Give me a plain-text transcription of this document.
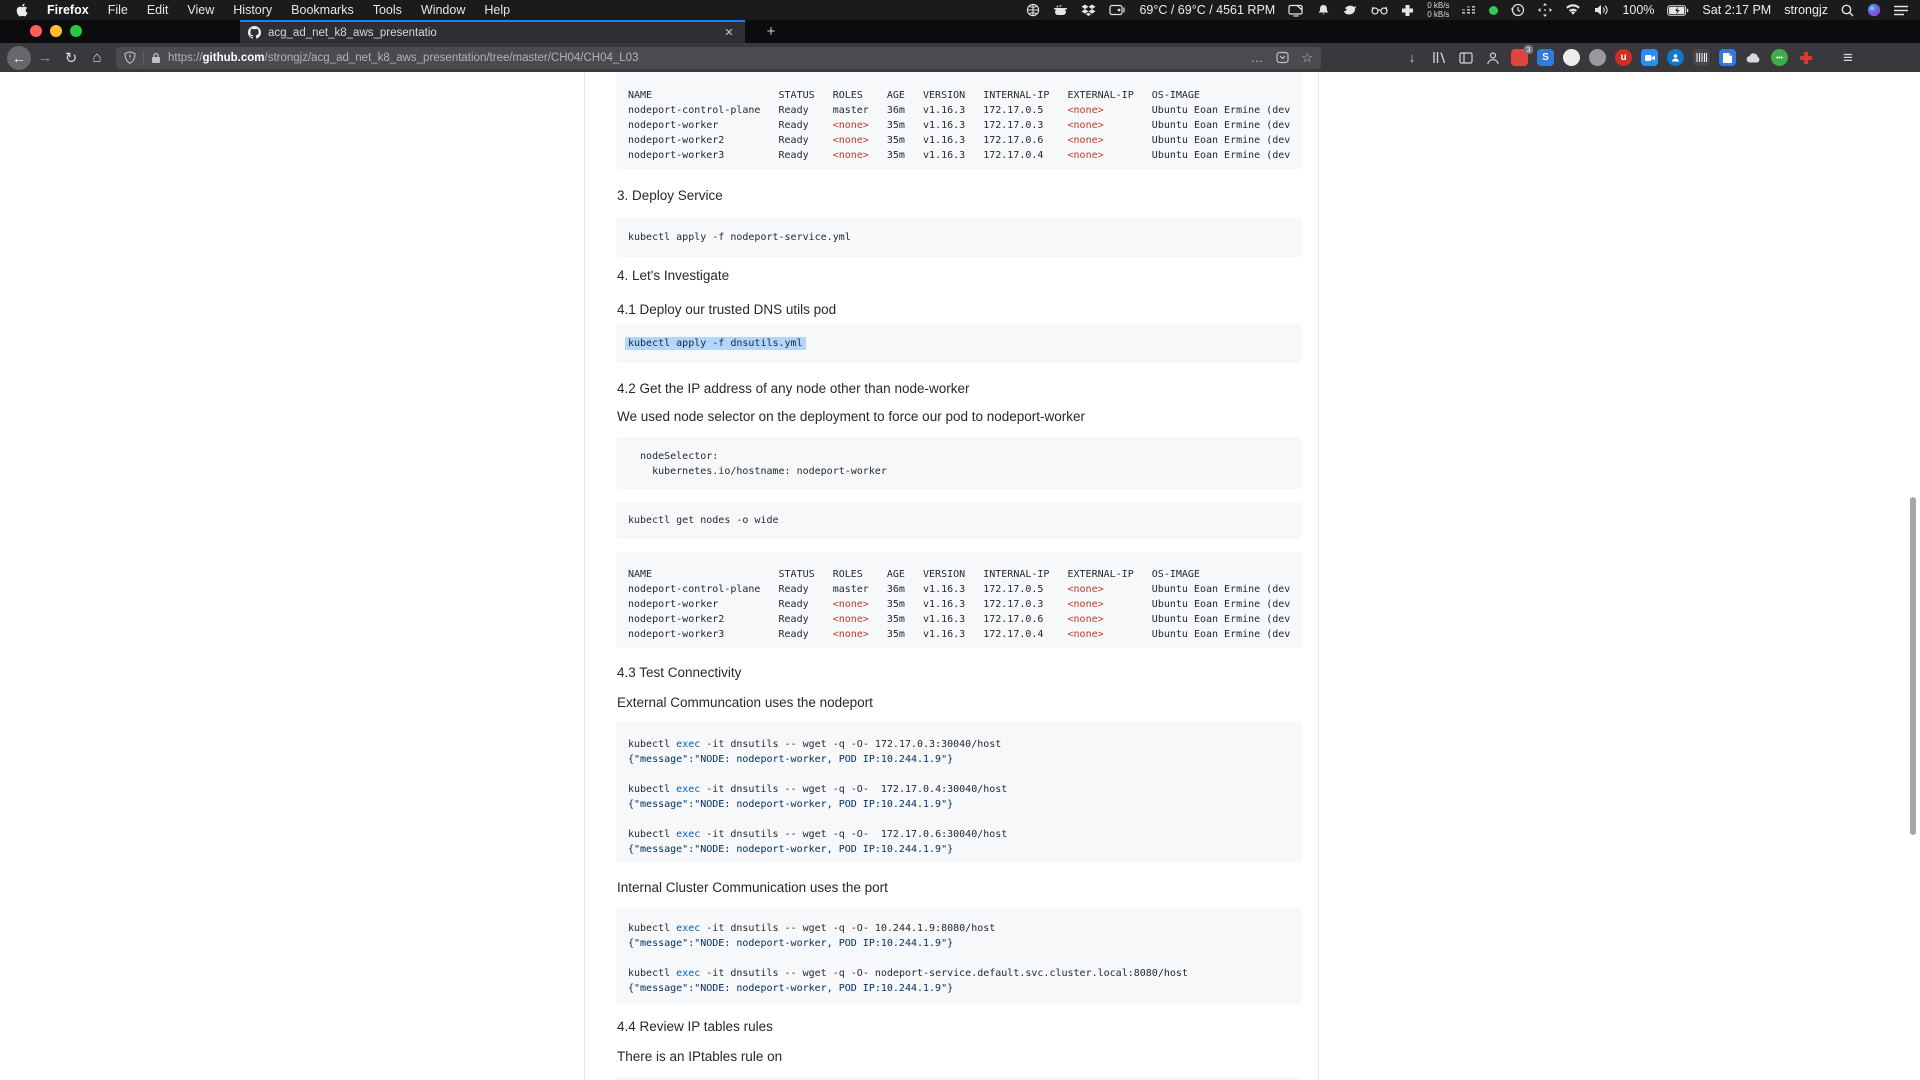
Firefox File Edit View History Bookmarks Tools Window Help	69°C / 69°C / 4561 RPM	0 kB/s
0 kB/s	100%	Sat 2:17 PM strongjz
acg_ad_net_k8_aws_presentatio	✕	+
← → ↻	⌂	https://github.com/strongjz/acg_ad_net_k8_aws_presentation/tree/master/CH04/CH04_L03	…	☆	↓
3
S	u	≡
NAME                     STATUS   ROLES    AGE   VERSION   INTERNAL-IP   EXTERNAL-IP   OS-IMAGE
nodeport-control-plane   Ready    master   36m   v1.16.3   172.17.0.5    <none>        Ubuntu Eoan Ermine (dev
nodeport-worker          Ready    <none>   35m   v1.16.3   172.17.0.3    <none>        Ubuntu Eoan Ermine (dev
nodeport-worker2         Ready    <none>   35m   v1.16.3   172.17.0.6    <none>        Ubuntu Eoan Ermine (dev
nodeport-worker3         Ready    <none>   35m   v1.16.3   172.17.0.4    <none>        Ubuntu Eoan Ermine (dev

3. Deploy Service

kubectl apply -f nodeport-service.yml

4. Let's Investigate

4.1 Deploy our trusted DNS utils pod

kubectl apply -f dnsutils.yml

4.2 Get the IP address of any node other than node-worker

We used node selector on the deployment to force our pod to nodeport-worker

nodeSelector:
kubernetes.io/hostname: nodeport-worker
kubectl get nodes -o wide
NAME                     STATUS   ROLES    AGE   VERSION   INTERNAL-IP   EXTERNAL-IP   OS-IMAGE
nodeport-control-plane   Ready    master   36m   v1.16.3   172.17.0.5    <none>        Ubuntu Eoan Ermine (dev
nodeport-worker          Ready    <none>   35m   v1.16.3   172.17.0.3    <none>        Ubuntu Eoan Ermine (dev
nodeport-worker2         Ready    <none>   35m   v1.16.3   172.17.0.6    <none>        Ubuntu Eoan Ermine (dev
nodeport-worker3         Ready    <none>   35m   v1.16.3   172.17.0.4    <none>        Ubuntu Eoan Ermine (dev

4.3 Test Connectivity

External Communcation uses the nodeport

kubectl exec -it dnsutils -- wget -q -O- 172.17.0.3:30040/host
{"message":"NODE: nodeport-worker, POD IP:10.244.1.9"}

kubectl exec -it dnsutils -- wget -q -O-  172.17.0.4:30040/host
{"message":"NODE: nodeport-worker, POD IP:10.244.1.9"}

kubectl exec -it dnsutils -- wget -q -O-  172.17.0.6:30040/host
{"message":"NODE: nodeport-worker, POD IP:10.244.1.9"}

Internal Cluster Communication uses the port

kubectl exec -it dnsutils -- wget -q -O- 10.244.1.9:8080/host
{"message":"NODE: nodeport-worker, POD IP:10.244.1.9"}

kubectl exec -it dnsutils -- wget -q -O- nodeport-service.default.svc.cluster.local:8080/host
{"message":"NODE: nodeport-worker, POD IP:10.244.1.9"}

4.4 Review IP tables rules

There is an IPtables rule on
